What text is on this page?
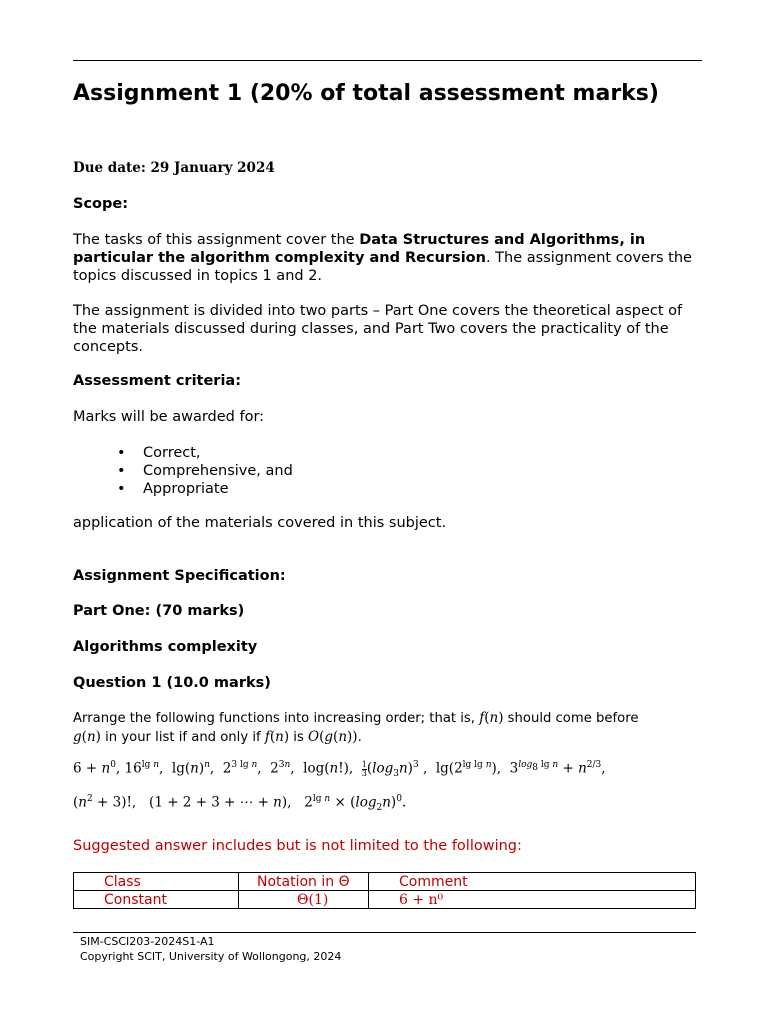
Assignment 1 (20% of total assessment marks)
Due date: 29 January 2024
Scope:
The tasks of this assignment cover the Data Structures and Algorithms, in particular the algorithm complexity and Recursion. The assignment covers the topics discussed in topics 1 and 2.
The assignment is divided into two parts – Part One covers the theoretical aspect of the materials discussed during classes, and Part Two covers the practicality of the concepts.
Assessment criteria:
Marks will be awarded for:
• Correct,
• Comprehensive, and
• Appropriate
application of the materials covered in this subject.
Assignment Specification:
Part One: (70 marks)
Algorithms complexity
Question 1 (10.0 marks)
Arrange the following functions into increasing order; that is, f(n) should come before
g(n) in your list if and only if f(n) is O(g(n)).
$6 + n^0$, $16^{lg n}$,  $\lg(n)^n$,  $2^{3 lg n}$,  $2^{3n}$,  log(n!), $\frac{1}{3} (\log_3n)^3$ ,  $\lg(2^{lg lg n})$,  $3^{log_8 lg n} + n^{2/3}$,
$(n^2 + 3)$!,   (1 + 2 + 3 + ⋯ + n),   $2^{lg n} \times (\log_2n)^0$.
Suggested answer includes but is not limited to the following:
Class	Notation in Θ	Comment
Constant	Θ(1)	6 + n⁰
SIM-CSCI203-2024S1-A1
Copyright SCIT, University of Wollongong, 2024
